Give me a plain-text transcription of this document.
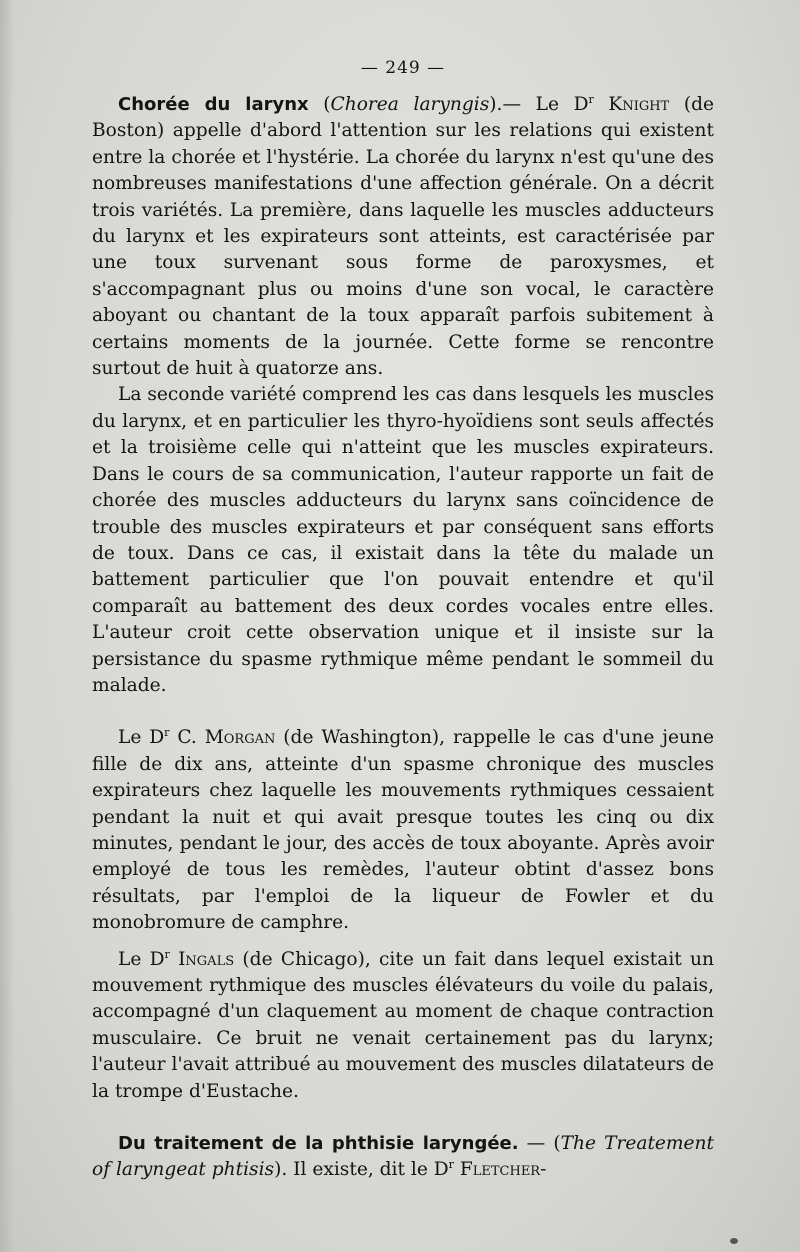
— 249 —

Chorée du larynx (Chorea laryngis).— Le $D^r$ Knight (de Boston) appelle d'abord l'attention sur les relations qui existent entre la chorée et l'hystérie. La chorée du larynx n'est qu'une des nombreuses manifestations d'une affection générale. On a décrit trois variétés. La première, dans laquelle les muscles adducteurs du larynx et les expirateurs sont atteints, est caractérisée par une toux survenant sous forme de paroxysmes, et s'accompagnant plus ou moins d'une son vocal, le caractère aboyant ou chantant de la toux apparaît parfois subitement à certains moments de la journée. Cette forme se rencontre surtout de huit à quatorze ans.

La seconde variété comprend les cas dans lesquels les muscles du larynx, et en particulier les thyro-hyoïdiens sont seuls affectés et la troisième celle qui n'atteint que les muscles expirateurs. Dans le cours de sa communication, l'auteur rapporte un fait de chorée des muscles adducteurs du larynx sans coïncidence de trouble des muscles expirateurs et par conséquent sans efforts de toux. Dans ce cas, il existait dans la tête du malade un battement particulier que l'on pouvait entendre et qu'il comparaît au battement des deux cordes vocales entre elles. L'auteur croit cette observation unique et il insiste sur la persistance du spasme rythmique même pendant le sommeil du malade.

Le $D^r$ C. Morgan (de Washington), rappelle le cas d'une jeune fille de dix ans, atteinte d'un spasme chronique des muscles expirateurs chez laquelle les mouvements rythmiques cessaient pendant la nuit et qui avait presque toutes les cinq ou dix minutes, pendant le jour, des accès de toux aboyante. Après avoir employé de tous les remèdes, l'auteur obtint d'assez bons résultats, par l'emploi de la liqueur de Fowler et du monobromure de camphre.

Le $D^r$ Ingals (de Chicago), cite un fait dans lequel existait un mouvement rythmique des muscles élévateurs du voile du palais, accompagné d'un claquement au moment de chaque contraction musculaire. Ce bruit ne venait certainement pas du larynx; l'auteur l'avait attribué au mouvement des muscles dilatateurs de la trompe d'Eustache.

Du traitement de la phthisie laryngée. — (The Treatement of laryngeat phtisis). Il existe, dit le $D^r$ Fletcher-
